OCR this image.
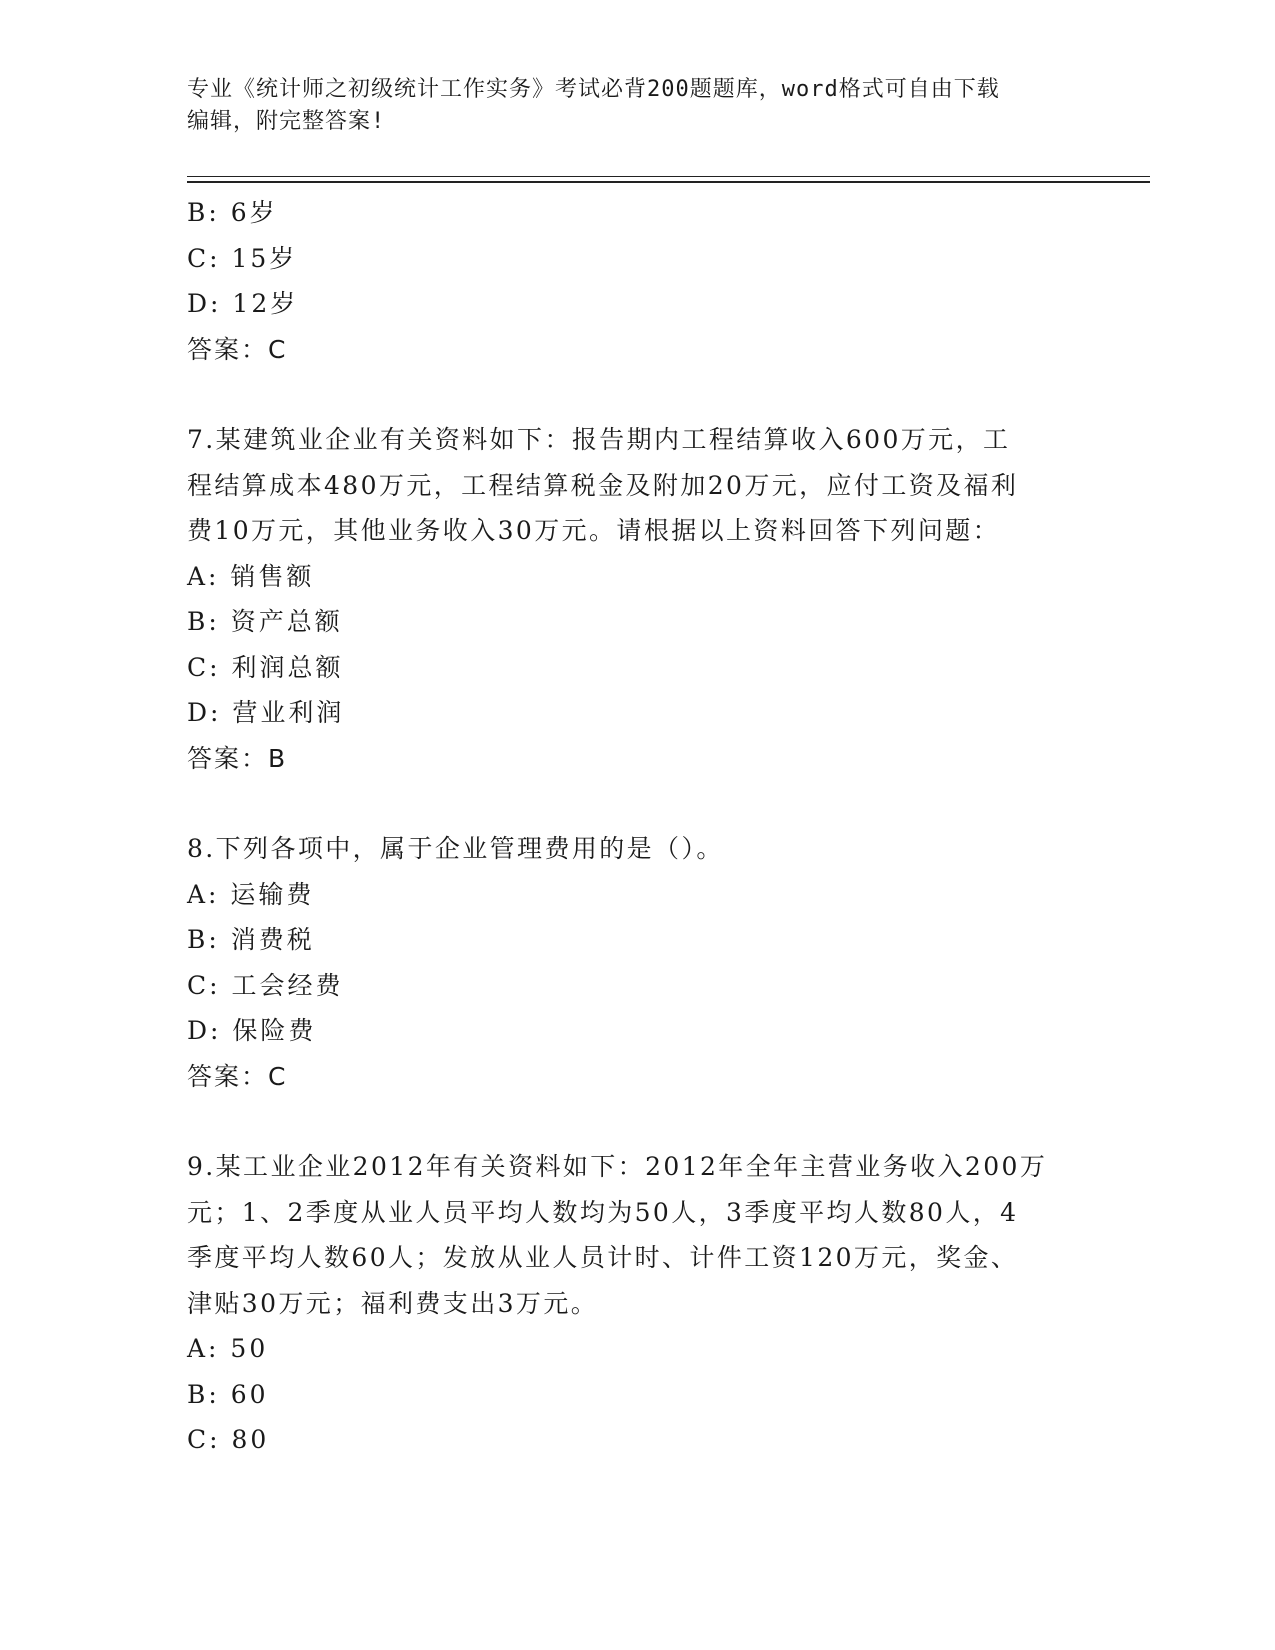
专业《统计师之初级统计工作实务》考试必背200题题库，word格式可自由下载
编辑，附完整答案!
B: 6岁
C: 15岁
D: 12岁
答案：C
7.某建筑业企业有关资料如下：报告期内工程结算收入600万元，工
程结算成本480万元，工程结算税金及附加20万元，应付工资及福利
费10万元，其他业务收入30万元。请根据以上资料回答下列问题：
A: 销售额
B: 资产总额
C: 利润总额
D: 营业利润
答案：B
8.下列各项中，属于企业管理费用的是（）。
A: 运输费
B: 消费税
C: 工会经费
D: 保险费
答案：C
9.某工业企业2012年有关资料如下：2012年全年主营业务收入200万
元；1、2季度从业人员平均人数均为50人，3季度平均人数80人，4
季度平均人数60人；发放从业人员计时、计件工资120万元，奖金、
津贴30万元；福利费支出3万元。
A: 50
B: 60
C: 80
